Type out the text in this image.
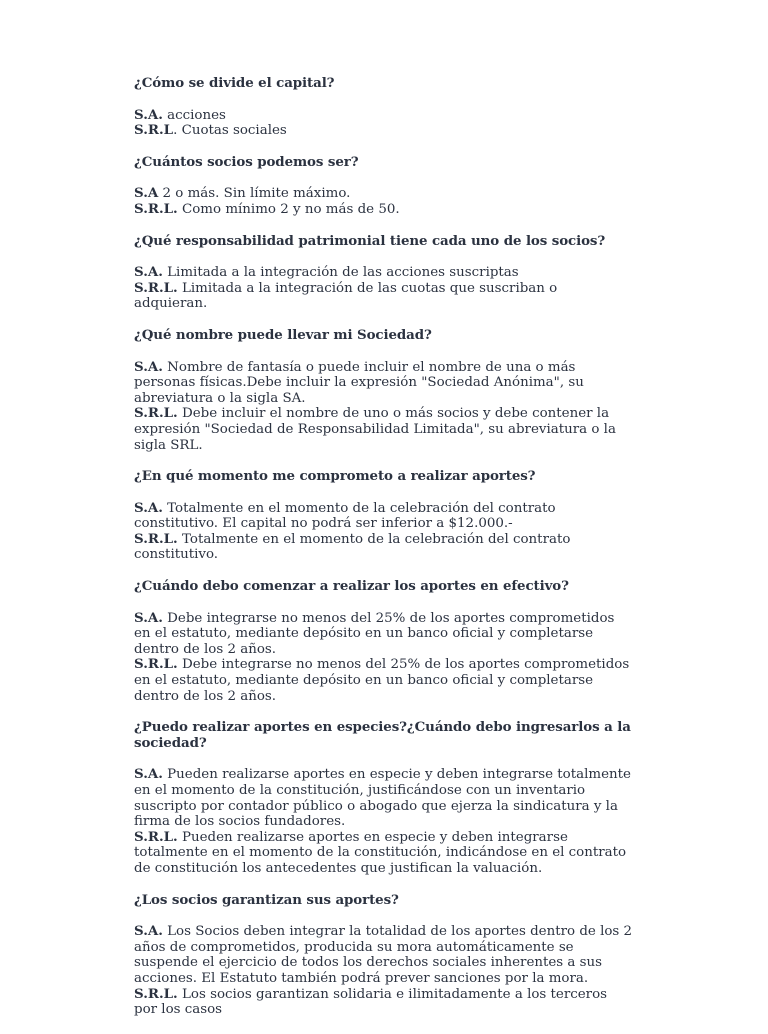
¿Cómo se divide el capital?

S.A. acciones

S.R.L. Cuotas sociales

¿Cuántos socios podemos ser?

S.A 2 o más. Sin límite máximo.

S.R.L. Como mínimo 2 y no más de 50.

¿Qué responsabilidad patrimonial tiene cada uno de los socios?

S.A. Limitada a la integración de las acciones suscriptas

S.R.L. Limitada a la integración de las cuotas que suscriban o adquieran.

¿Qué nombre puede llevar mi Sociedad?

S.A. Nombre de fantasía o puede incluir el nombre de una o más personas físicas.Debe incluir la expresión "Sociedad Anónima", su abreviatura o la sigla SA.

S.R.L. Debe incluir el nombre de uno o más socios y debe contener la expresión "Sociedad de Responsabilidad Limitada", su abreviatura o la sigla SRL.

¿En qué momento me comprometo a realizar aportes?

S.A. Totalmente en el momento de la celebración del contrato constitutivo. El capital no podrá ser inferior a $12.000.-

S.R.L. Totalmente en el momento de la celebración del contrato constitutivo.

¿Cuándo debo comenzar a realizar los aportes en efectivo?

S.A. Debe integrarse no menos del 25% de los aportes comprometidos en el estatuto, mediante depósito en un banco oficial y completarse dentro de los 2 años.

S.R.L. Debe integrarse no menos del 25% de los aportes comprometidos en el estatuto, mediante depósito en un banco oficial y completarse dentro de los 2 años.

¿Puedo realizar aportes en especies?¿Cuándo debo ingresarlos a la sociedad?

S.A. Pueden realizarse aportes en especie y deben integrarse totalmente en el momento de la constitución, justificándose con un inventario suscripto por contador público o abogado que ejerza la sindicatura y la firma de los socios fundadores.

S.R.L. Pueden realizarse aportes en especie y deben integrarse totalmente en el momento de la constitución, indicándose en el contrato de constitución los antecedentes que justifican la valuación.

¿Los socios garantizan sus aportes?

S.A. Los Socios deben integrar la totalidad de los aportes dentro de los 2 años de comprometidos, producida su mora automáticamente se suspende el ejercicio de todos los derechos sociales inherentes a sus acciones. El Estatuto también podrá prever sanciones por la mora.

S.R.L. Los socios garantizan solidaria e ilimitadamente a los terceros por los casos
